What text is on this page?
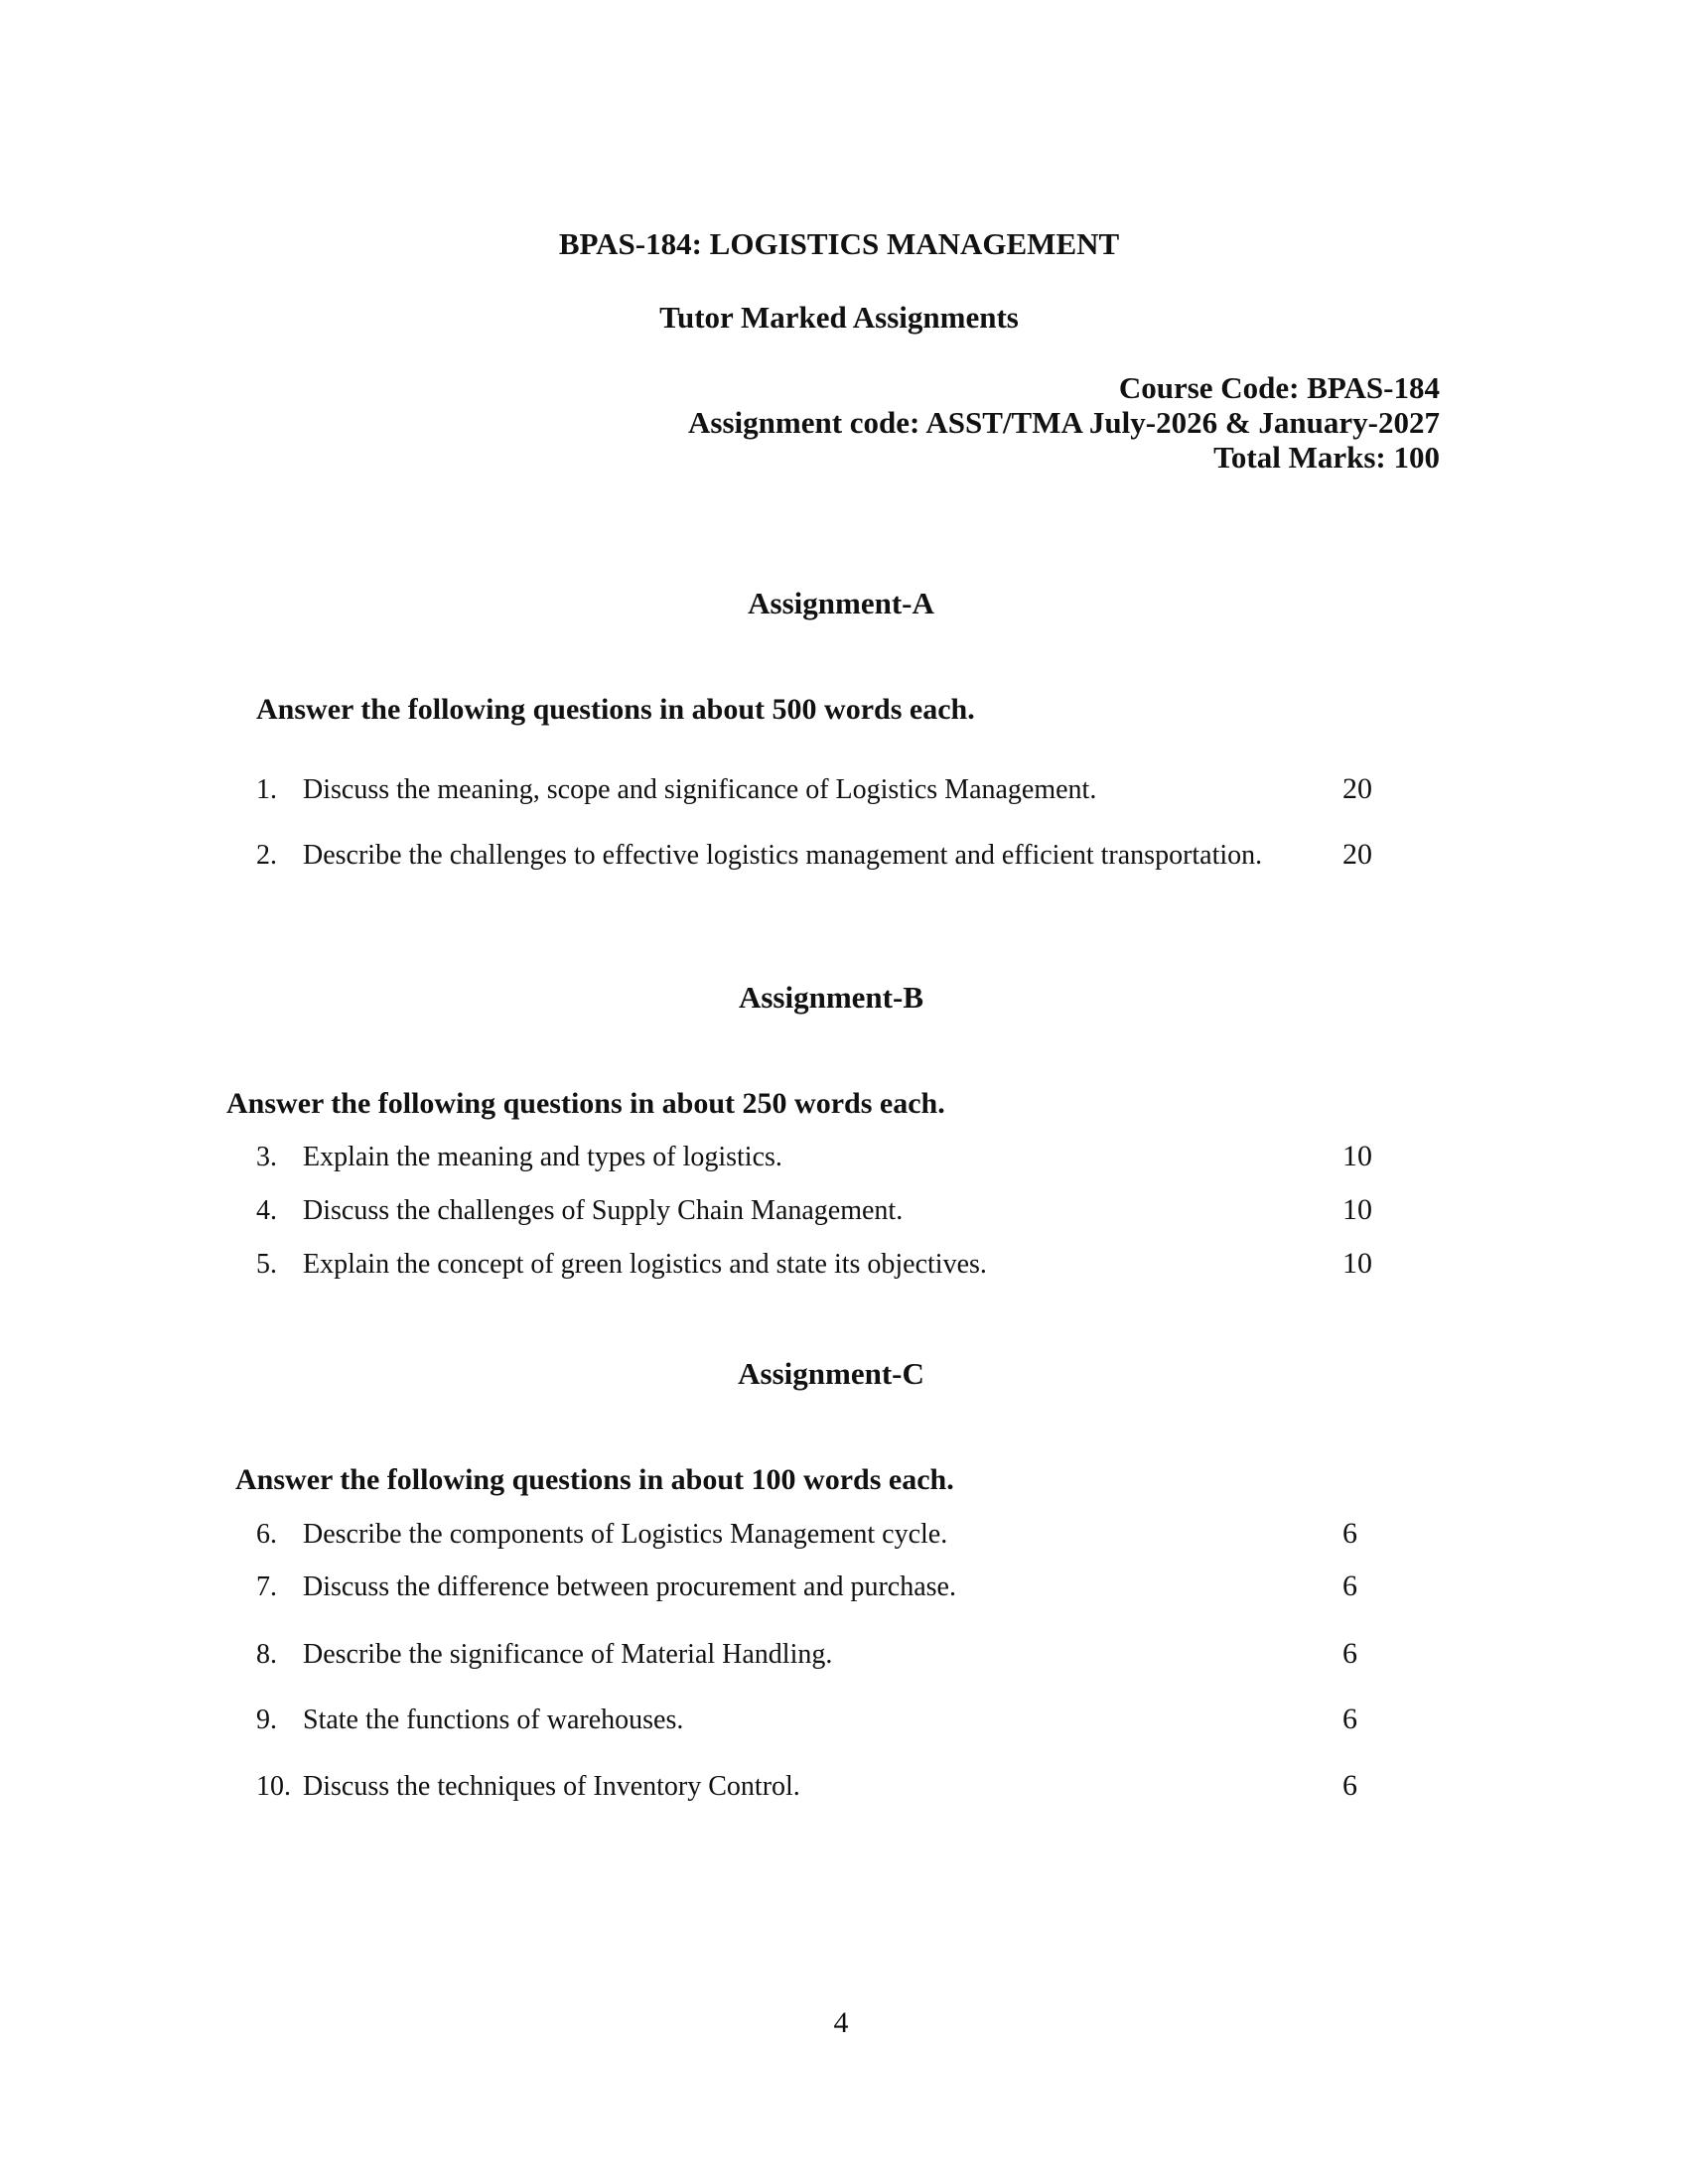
BPAS-184: LOGISTICS MANAGEMENT
Tutor Marked Assignments
Course Code: BPAS-184
Assignment code: ASST/TMA July-2026 & January-2027
Total Marks: 100
Assignment-A
Answer the following questions in about 500 words each.
1. Discuss the meaning, scope and significance of Logistics Management.	20
2. Describe the challenges to effective logistics management and efficient transportation.	20
Assignment-B
Answer the following questions in about 250 words each.
3. Explain the meaning and types of logistics.	10
4. Discuss the challenges of Supply Chain Management.	10
5. Explain the concept of green logistics and state its objectives.	10
Assignment-C
Answer the following questions in about 100 words each.
6. Describe the components of Logistics Management cycle.	6
7. Discuss the difference between procurement and purchase.	6
8. Describe the significance of Material Handling.	6
9. State the functions of warehouses.	6
10. Discuss the techniques of Inventory Control.	6
4
